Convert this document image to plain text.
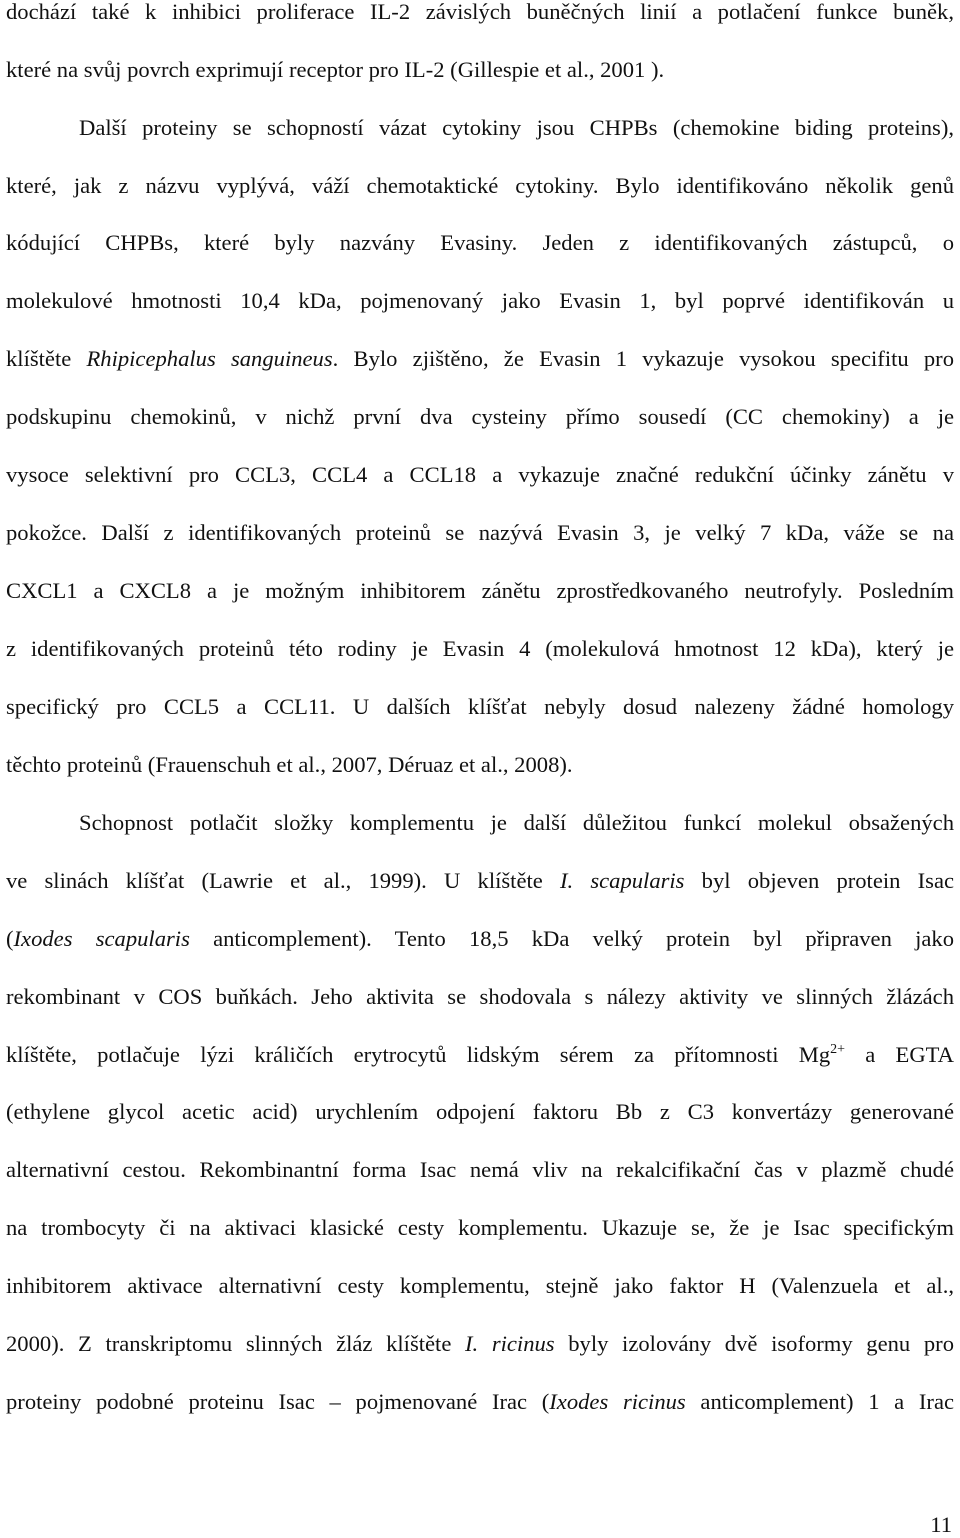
dochází také k inhibici proliferace IL-2 závislých buněčných linií a potlačení funkce buněk,
které na svůj povrch exprimují receptor pro IL-2 (Gillespie et al., 2001 ).
Další proteiny se schopností vázat cytokiny jsou CHPBs (chemokine biding proteins),
které, jak z názvu vyplývá, váží chemotaktické cytokiny. Bylo identifikováno několik genů
kódující CHPBs, které byly nazvány Evasiny. Jeden z identifikovaných zástupců, o
molekulové hmotnosti 10,4 kDa, pojmenovaný jako Evasin 1, byl poprvé identifikován u
klíštěte Rhipicephalus sanguineus. Bylo zjištěno, že Evasin 1 vykazuje vysokou specifitu pro
podskupinu chemokinů, v nichž první dva cysteiny přímo sousedí (CC chemokiny) a je
vysoce selektivní pro CCL3, CCL4 a CCL18 a vykazuje značné redukční účinky zánětu v
pokožce. Další z identifikovaných proteinů se nazývá Evasin 3, je velký 7 kDa, váže se na
CXCL1 a CXCL8 a je možným inhibitorem zánětu zprostředkovaného neutrofyly. Posledním
z identifikovaných proteinů této rodiny je Evasin 4 (molekulová hmotnost 12 kDa), který je
specifický pro CCL5 a CCL11. U dalších klíšťat nebyly dosud nalezeny žádné homology
těchto proteinů (Frauenschuh et al., 2007, Déruaz et al., 2008).
Schopnost potlačit složky komplementu je další důležitou funkcí molekul obsažených
ve slinách klíšťat (Lawrie et al., 1999). U klíštěte I. scapularis byl objeven protein Isac
(Ixodes scapularis anticomplement). Tento 18,5 kDa velký protein byl připraven jako
rekombinant v COS buňkách. Jeho aktivita se shodovala s nálezy aktivity ve slinných žlázách
klíštěte, potlačuje lýzi králičích erytrocytů lidským sérem za přítomnosti $Mg^{2+}$ a EGTA
(ethylene glycol acetic acid) urychlením odpojení faktoru Bb z C3 konvertázy generované
alternativní cestou. Rekombinantní forma Isac nemá vliv na rekalcifikační čas v plazmě chudé
na trombocyty či na aktivaci klasické cesty komplementu. Ukazuje se, že je Isac specifickým
inhibitorem aktivace alternativní cesty komplementu, stejně jako faktor H (Valenzuela et al.,
2000). Z transkriptomu slinných žláz klíštěte I. ricinus byly izolovány dvě isoformy genu pro
proteiny podobné proteinu Isac – pojmenované Irac (Ixodes ricinus anticomplement) 1 a Irac
11
